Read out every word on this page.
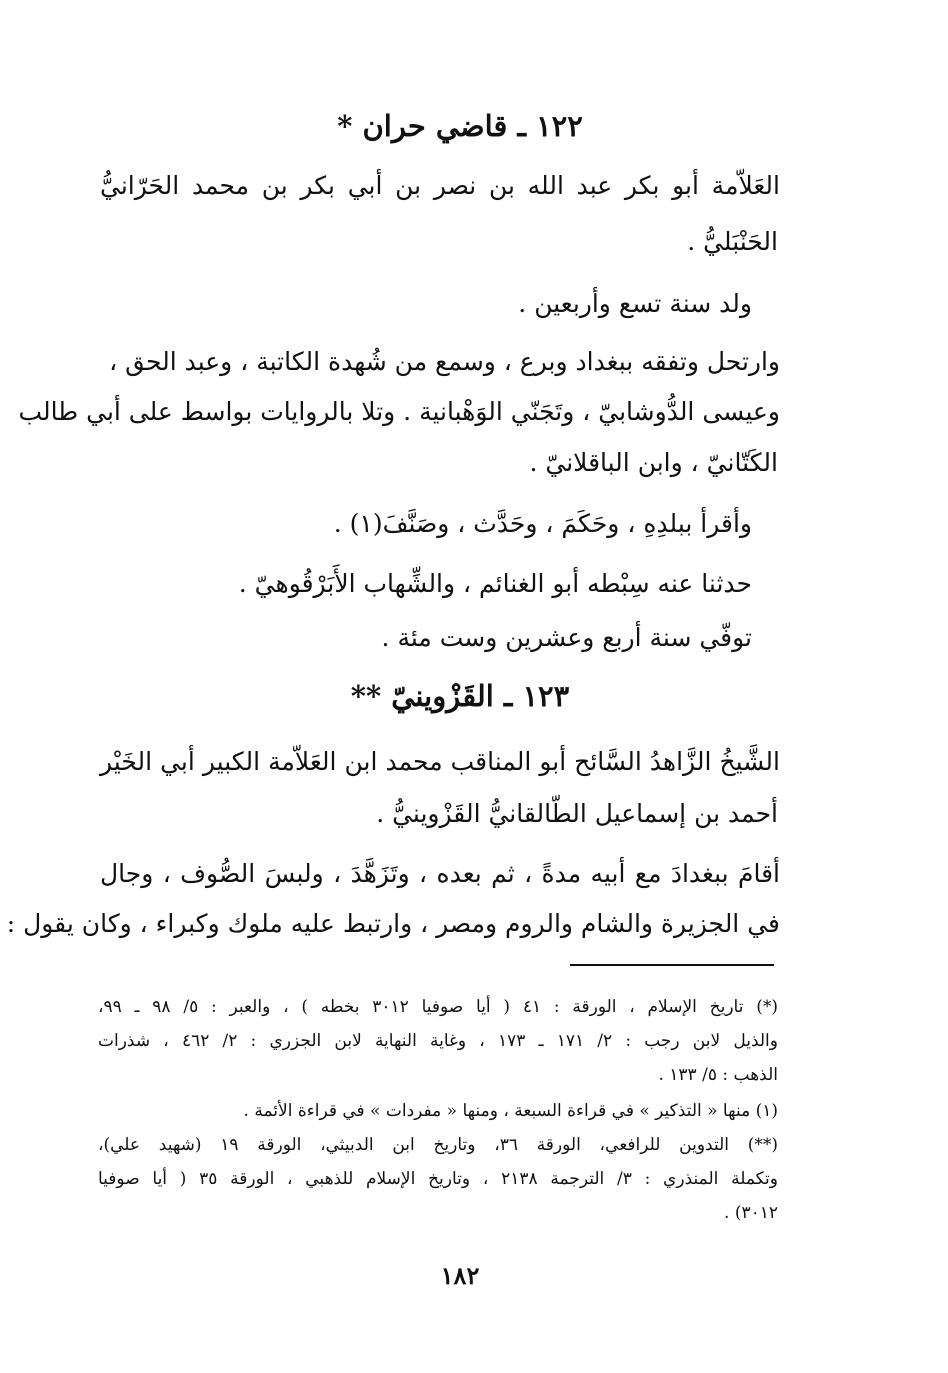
١٢٢ ـ قاضي حران *
العَلاّمة أبو بكر عبد الله بن نصر بن أبي بكر بن محمد الحَرّانيُّ
الحَنْبَليُّ .
ولد سنة تسع وأربعين .
وارتحل وتفقه ببغداد وبرع ، وسمع من شُهدة الكاتبة ، وعبد الحق ،
وعيسى الدُّوشابيّ ، وتَجَنّي الوَهْبانية . وتلا بالروايات بواسط على أبي طالب
الكَتّانيّ ، وابن الباقلانيّ .
وأقرأ ببلدِهِ ، وحَكَمَ ، وحَدَّث ، وصَنَّفَ(١) .
حدثنا عنه سِبْطه أبو الغنائم ، والشِّهاب الأَبَرْقُوهيّ .
توفّي سنة أربع وعشرين وست مئة .
١٢٣ ـ القَزْوينيّ **
الشَّيخُ الزَّاهدُ السَّائح أبو المناقب محمد ابن العَلاّمة الكبير أبي الخَيْر
أحمد بن إسماعيل الطّالقانيُّ القَزْوينيُّ .
أقامَ ببغدادَ مع أبيه مدةً ، ثم بعده ، وتَزَهَّدَ ، ولبسَ الصُّوف ، وجال
في الجزيرة والشام والروم ومصر ، وارتبط عليه ملوك وكبراء ، وكان يقول :
(*) تاريخ الإسلام ، الورقة : ٤١ ( أيا صوفيا ٣٠١٢ بخطه ) ، والعبر : ٥/ ٩٨ ـ ٩٩،
والذيل لابن رجب : ٢/ ١٧١ ـ ١٧٣ ، وغاية النهاية لابن الجزري : ٢/ ٤٦٢ ، شذرات
الذهب : ٥/ ١٣٣ .
(١) منها « التذكير » في قراءة السبعة ، ومنها « مفردات » في قراءة الأئمة .
(**) التدوين للرافعي، الورقة ٣٦، وتاريخ ابن الدبيثي، الورقة ١٩ (شهيد علي)،
وتكملة المنذري : ٣/ الترجمة ٢١٣٨ ، وتاريخ الإسلام للذهبي ، الورقة ٣٥ ( أيا صوفيا
٣٠١٢) .
١٨٢
